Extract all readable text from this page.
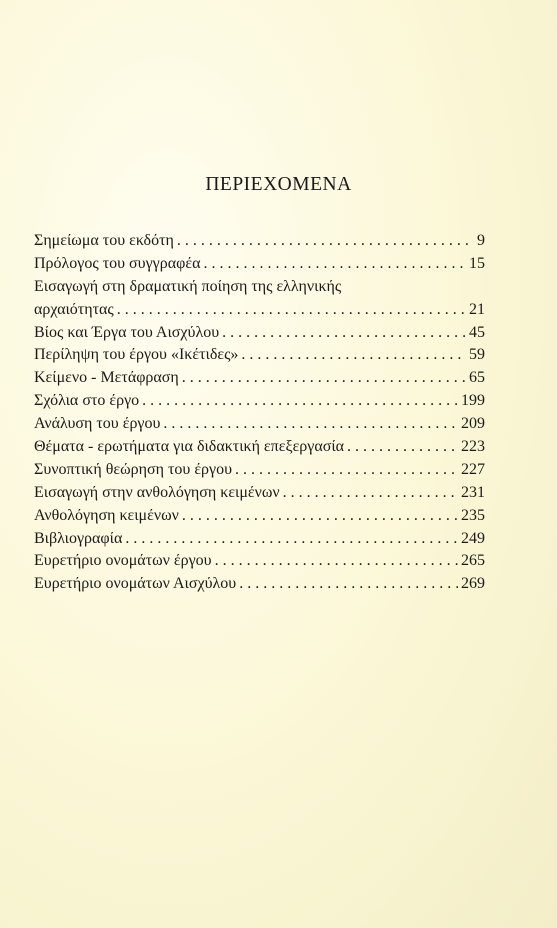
ΠΕΡΙΕΧΟΜΕΝΑ
Σημείωμα του εκδότη . . .	9
Πρόλογος του συγγραφέα . . .	15
Εισαγωγή στη δραματική ποίηση της ελληνικής
αρχαιότητας . . .	21
Βίος και Έργα του Αισχύλου . . .	45
Περίληψη του έργου «Ικέτιδες» . . .	59
Κείμενο - Μετάφραση . . .	65
Σχόλια στο έργο . . .	199
Ανάλυση του έργου . . .	209
Θέματα - ερωτήματα για διδακτική επεξεργασία . . .	223
Συνοπτική θεώρηση του έργου . . .	227
Εισαγωγή στην ανθολόγηση κειμένων . . .	231
Ανθολόγηση κειμένων . . .	235
Βιβλιογραφία . . .	249
Ευρετήριο ονομάτων έργου . . .	265
Ευρετήριο ονομάτων Αισχύλου . . .	269
